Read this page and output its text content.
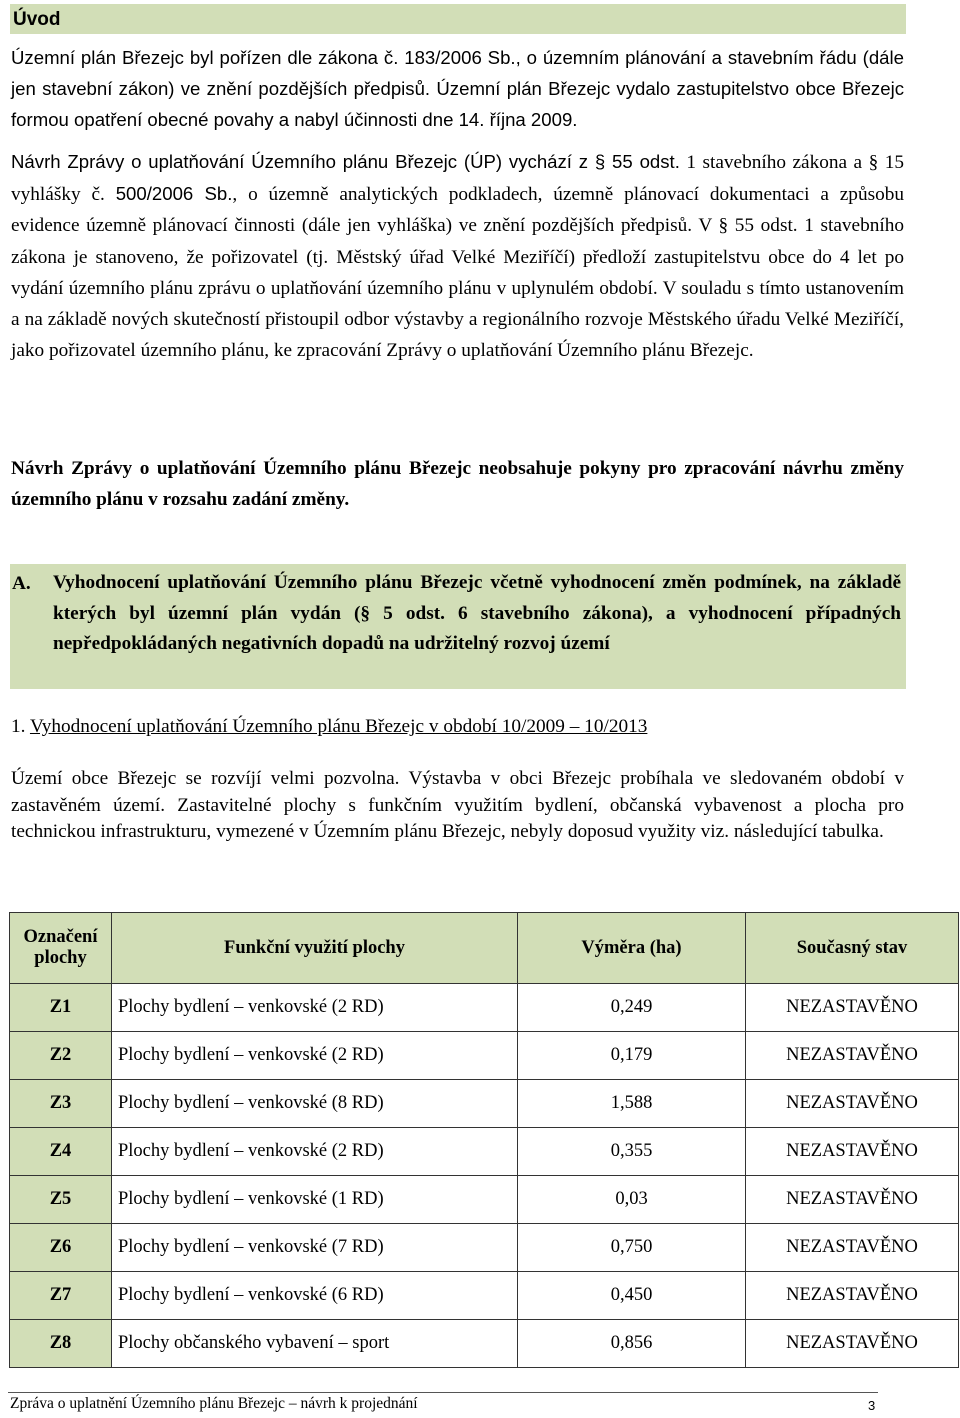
Úvod

Územní plán Březejc byl pořízen dle zákona č. 183/2006 Sb., o územním plánování a stavebním řádu (dále jen stavební zákon) ve znění pozdějších předpisů. Územní plán Březejc vydalo zastupitelstvo obce Březejc formou opatření obecné povahy a nabyl účinnosti dne 14. října 2009.

Návrh Zprávy o uplatňování Územního plánu Březejc (ÚP) vychází z § 55 odst. 1 stavebního zákona a § 15 vyhlášky č. 500/2006 Sb., o územně analytických podkladech, územně plánovací dokumentaci a způsobu evidence územně plánovací činnosti (dále jen vyhláška) ve znění pozdějších předpisů. V § 55 odst. 1 stavebního zákona je stanoveno, že pořizovatel (tj. Městský úřad Velké Meziříčí) předloží zastupitelstvu obce do 4 let po vydání územního plánu zprávu o uplatňování územního plánu v uplynulém období. V souladu s tímto ustanovením a na základě nových skutečností přistoupil odbor výstavby a regionálního rozvoje Městského úřadu Velké Meziříčí, jako pořizovatel územního plánu, ke zpracování Zprávy o uplatňování Územního plánu Březejc.

Návrh Zprávy o uplatňování Územního plánu Březejc neobsahuje pokyny pro zpracování návrhu změny územního plánu v rozsahu zadání změny.

A. Vyhodnocení uplatňování Územního plánu Březejc včetně vyhodnocení změn podmínek, na základě kterých byl územní plán vydán (§ 5 odst. 6 stavebního zákona), a vyhodnocení případných nepředpokládaných negativních dopadů na udržitelný rozvoj území

1. Vyhodnocení uplatňování Územního plánu Březejc v období 10/2009 – 10/2013

Území obce Březejc se rozvíjí velmi pozvolna. Výstavba v obci Březejc probíhala ve sledovaném období v zastavěném území. Zastavitelné plochy s funkčním využitím bydlení, občanská vybavenost a plocha pro technickou infrastrukturu, vymezené v Územním plánu Březejc, nebyly doposud využity viz. následující tabulka.

Označení plochy	Funkční využití plochy	Výměra (ha)	Současný stav
Z1	Plochy bydlení – venkovské (2 RD)	0,249	NEZASTAVĚNO
Z2	Plochy bydlení – venkovské (2 RD)	0,179	NEZASTAVĚNO
Z3	Plochy bydlení – venkovské (8 RD)	1,588	NEZASTAVĚNO
Z4	Plochy bydlení – venkovské (2 RD)	0,355	NEZASTAVĚNO
Z5	Plochy bydlení – venkovské (1 RD)	0,03	NEZASTAVĚNO
Z6	Plochy bydlení – venkovské (7 RD)	0,750	NEZASTAVĚNO
Z7	Plochy bydlení – venkovské (6 RD)	0,450	NEZASTAVĚNO
Z8	Plochy občanského vybavení – sport	0,856	NEZASTAVĚNO
Zpráva o uplatnění Územního plánu Březejc – návrh k projednání	3
